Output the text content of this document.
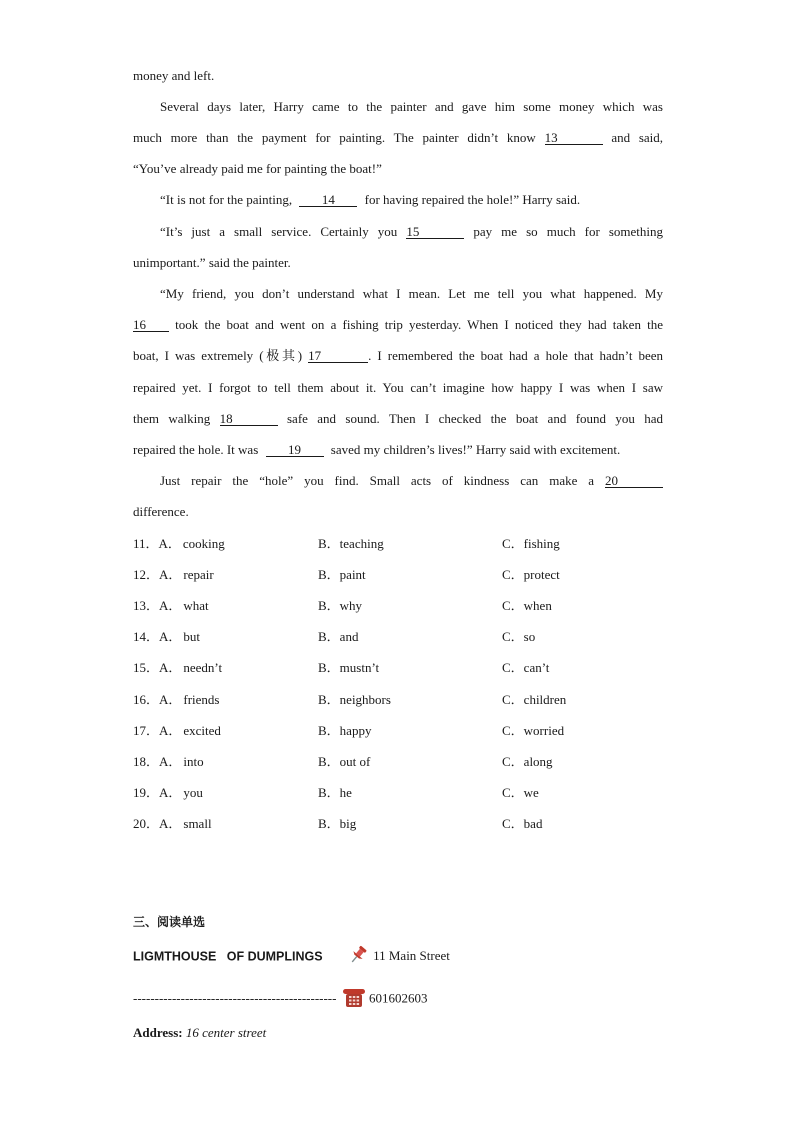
money and left.
Several days later, Harry came to the painter and gave him some money which was
much more than the payment for painting. The painter didn’t know 13	and said,
“You’ve already paid me for painting the boat!”
“It is not for the painting, 14 for having repaired the hole!” Harry said.
“It’s just a small service. Certainly you 15	pay me so much for something
unimportant.” said the painter.
“My friend, you don’t understand what I mean. Let me tell you what happened. My
16 took the boat and went on a fishing trip yesterday. When I noticed they had taken the
boat, I was extremely (极其) 17	. I remembered the boat had a hole that hadn’t been
repaired yet. I forgot to tell them about it. You can’t imagine how happy I was when I saw
them walking 18	safe and sound. Then I checked the boat and found you had
repaired the hole. It was 19 saved my children’s lives!” Harry said with excitement.
Just repair the “hole” you find. Small acts of kindness can make a 20
difference.
11．A． cooking	B．teaching	C．fishing
12．A． repair	B．paint	C．protect
13．A． what	B．why	C．when
14．A． but	B．and	C．so
15．A． needn’t	B．mustn’t	C．can’t
16．A． friends	B．neighbors	C．children
17．A． excited	B．happy	C．worried
18．A． into	B．out of	C．along
19．A． you	B．he	C．we
20．A． small	B．big	C．bad
三、阅读单选
LIGMTHOUSE   OF DUMPLINGS	11 Main Street
-----------------------------------------------	601602603
Address: 16 center street
